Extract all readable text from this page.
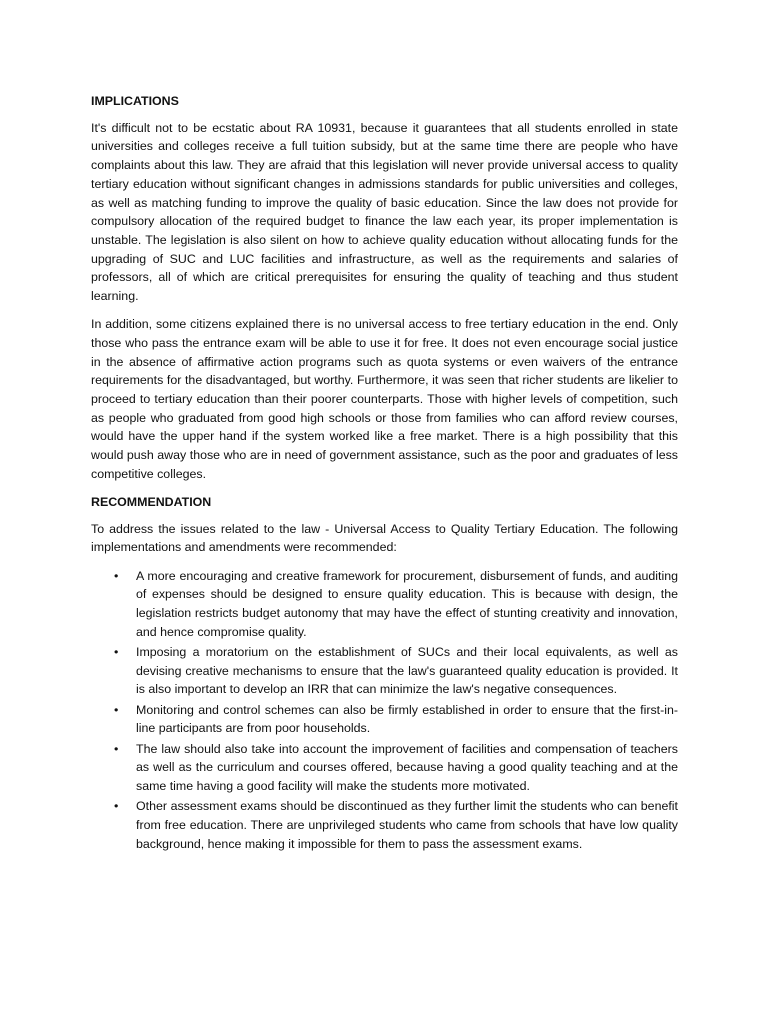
IMPLICATIONS

It's difficult not to be ecstatic about RA 10931, because it guarantees that all students enrolled in state universities and colleges receive a full tuition subsidy, but at the same time there are people who have complaints about this law. They are afraid that this legislation will never provide universal access to quality tertiary education without significant changes in admissions standards for public universities and colleges, as well as matching funding to improve the quality of basic education. Since the law does not provide for compulsory allocation of the required budget to finance the law each year, its proper implementation is unstable. The legislation is also silent on how to achieve quality education without allocating funds for the upgrading of SUC and LUC facilities and infrastructure, as well as the requirements and salaries of professors, all of which are critical prerequisites for ensuring the quality of teaching and thus student learning.

In addition, some citizens explained there is no universal access to free tertiary education in the end. Only those who pass the entrance exam will be able to use it for free. It does not even encourage social justice in the absence of affirmative action programs such as quota systems or even waivers of the entrance requirements for the disadvantaged, but worthy. Furthermore, it was seen that richer students are likelier to proceed to tertiary education than their poorer counterparts. Those with higher levels of competition, such as people who graduated from good high schools or those from families who can afford review courses, would have the upper hand if the system worked like a free market. There is a high possibility that this would push away those who are in need of government assistance, such as the poor and graduates of less competitive colleges.

RECOMMENDATION

To address the issues related to the law - Universal Access to Quality Tertiary Education. The following implementations and amendments were recommended:

• A more encouraging and creative framework for procurement, disbursement of funds, and auditing of expenses should be designed to ensure quality education. This is because with design, the legislation restricts budget autonomy that may have the effect of stunting creativity and innovation, and hence compromise quality.
• Imposing a moratorium on the establishment of SUCs and their local equivalents, as well as devising creative mechanisms to ensure that the law's guaranteed quality education is provided. It is also important to develop an IRR that can minimize the law's negative consequences.
• Monitoring and control schemes can also be firmly established in order to ensure that the first-in-line participants are from poor households.
• The law should also take into account the improvement of facilities and compensation of teachers as well as the curriculum and courses offered, because having a good quality teaching and at the same time having a good facility will make the students more motivated.
• Other assessment exams should be discontinued as they further limit the students who can benefit from free education. There are unprivileged students who came from schools that have low quality background, hence making it impossible for them to pass the assessment exams.
